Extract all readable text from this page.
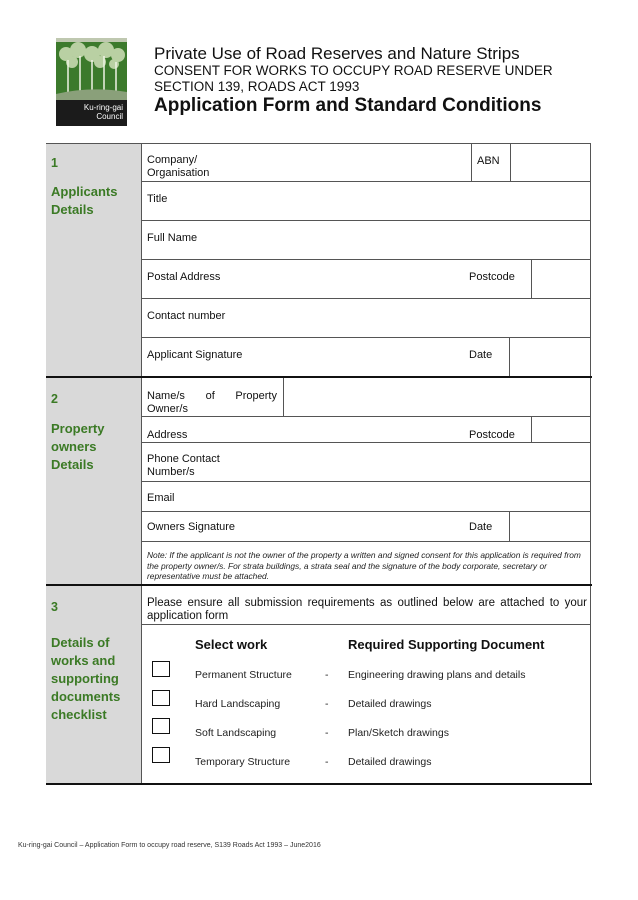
Ku-ring-gai
Council
Private Use of Road Reserves and Nature Strips
CONSENT FOR WORKS TO OCCUPY ROAD RESERVE UNDER
SECTION 139, ROADS ACT 1993
Application Form and Standard Conditions
1
Applicants Details
Company/ Organisation
ABN
Title
Full Name
Postal Address	Postcode
Contact number
Applicant Signature	Date
2
Property owners Details
Name/s of Property Owner/s
Address	Postcode
Phone Contact Number/s
Email
Owners Signature	Date
Note: If the applicant is not the owner of the property a written and signed consent for this application is required from the property owner/s. For strata buildings, a strata seal and the signature of the body corporate, secretary or representative must be attached.
3
Details of works and supporting documents checklist
Please ensure all submission requirements as outlined below are attached to your application form
Select work	Required Supporting Document
Permanent Structure	- Engineering drawing plans and details
Hard Landscaping	- Detailed drawings
Soft Landscaping	- Plan/Sketch drawings
Temporary Structure	- Detailed drawings
Ku-ring-gai Council – Application Form to occupy road reserve, S139 Roads Act 1993 – June2016
